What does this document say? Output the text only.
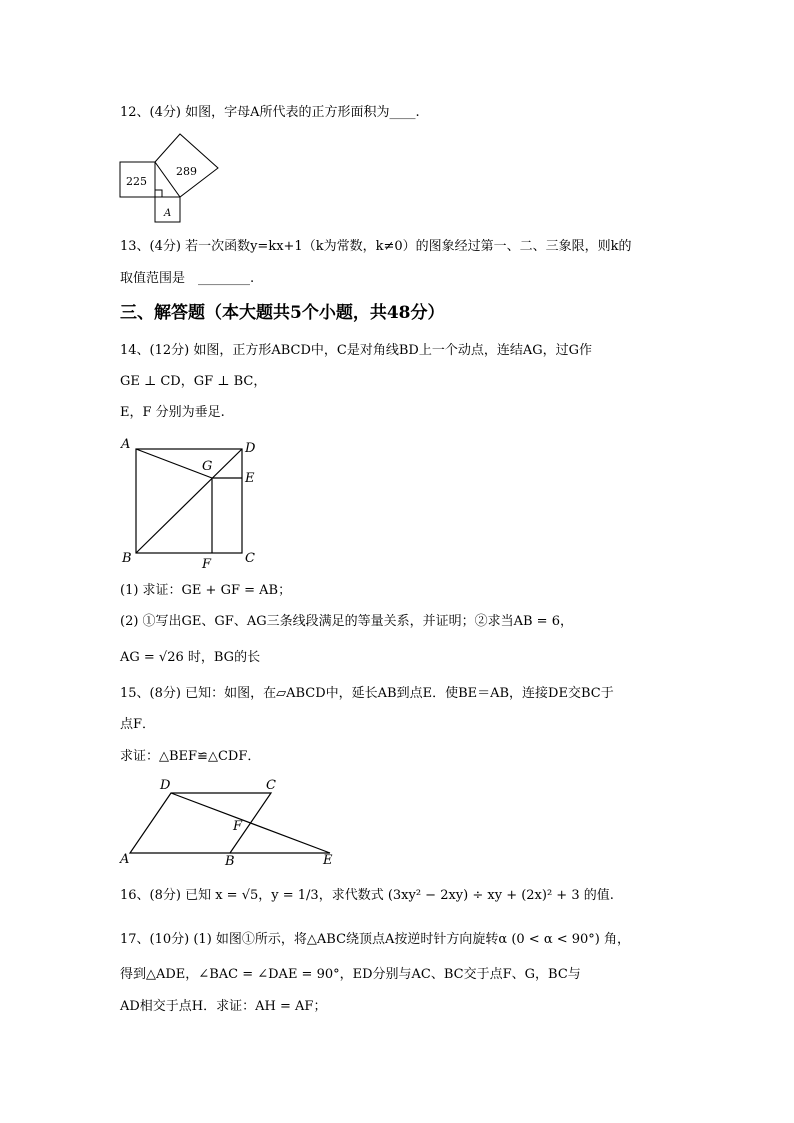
12、(4分) 如图，字母A所代表的正方形面积为____.
225
289
A
13、(4分) 若一次函数y=kx+1（k为常数，k≠0）的图象经过第一、二、三象限，则k的
取值范围是　________.
三、解答题（本大题共5个小题，共48分）
14、(12分) 如图，正方形ABCD中，C是对角线BD上一个动点，连结AG，过G作
GE ⊥ CD，GF ⊥ BC，
E，F 分别为垂足.
A	D
G
E
B	F	C
(1) 求证：GE + GF = AB；
(2) ①写出GE、GF、AG三条线段满足的等量关系，并证明；②求当AB = 6，
AG = √26 时，BG的长
15、(8分) 已知：如图，在▱ABCD中，延长AB到点E．使BE＝AB，连接DE交BC于
点F．
求证：△BEF≌△CDF．
D	C
F
A	B	E
16、(8分) 已知 x = √5，y = 1/3，求代数式 (3xy² − 2xy) ÷ xy + (2x)² + 3 的值.
17、(10分) (1) 如图①所示，将△ABC绕顶点A按逆时针方向旋转α (0 < α < 90°) 角，
得到△ADE，∠BAC = ∠DAE = 90°，ED分别与AC、BC交于点F、G，BC与
AD相交于点H．求证：AH = AF；
